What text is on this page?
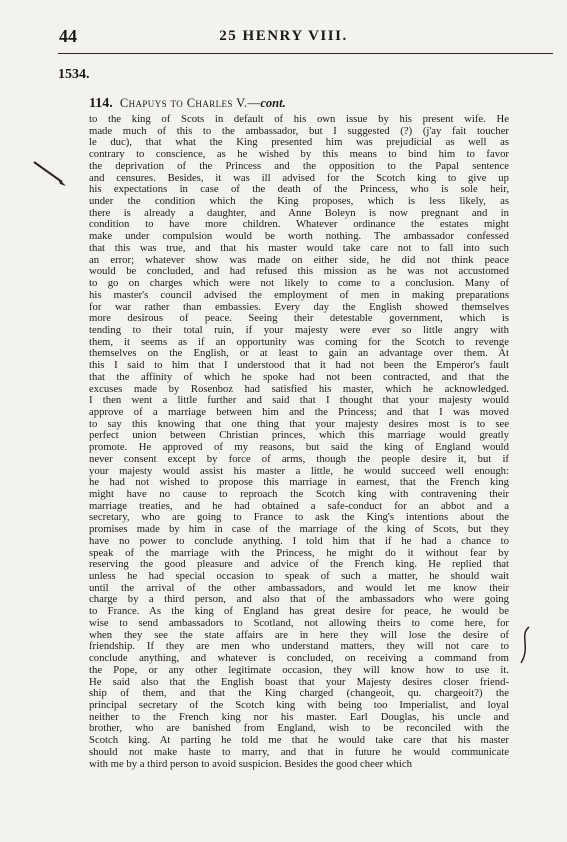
44	25 HENRY VIII.
1534.
114. Chapuys to Charles V.—cont.
to the king of Scots in default of his own issue by his present wife. He
made much of this to the ambassador, but I suggested (?) (j'ay fait toucher
le duc), that what the King presented him was prejudicial as well as
contrary to conscience, as he wished by this means to bind him to favor
the deprivation of the Princess and the opposition to the Papal sentence
and censures. Besides, it was ill advised for the Scotch king to give up
his expectations in case of the death of the Princess, who is sole heir,
under the condition which the King proposes, which is less likely, as
there is already a daughter, and Anne Boleyn is now pregnant and in
condition to have more children. Whatever ordinance the estates might
make under compulsion would be worth nothing. The ambassador confessed
that this was true, and that his master would take care not to fall into such
an error; whatever show was made on either side, he did not think peace
would be concluded, and had refused this mission as he was not accustomed
to go on charges which were not likely to come to a conclusion. Many of
his master's council advised the employment of men in making preparations
for war rather than embassies. Every day the English showed themselves
more desirous of peace. Seeing their detestable government, which is
tending to their total ruin, if your majesty were ever so little angry with
them, it seems as if an opportunity was coming for the Scotch to revenge
themselves on the English, or at least to gain an advantage over them. At
this I said to him that I understood that it had not been the Emperor's fault
that the affinity of which he spoke had not been contracted, and that the
excuses made by Rosenboz had satisfied his master, which he acknowledged.
I then went a little further and said that I thought that your majesty would
approve of a marriage between him and the Princess; and that I was moved
to say this knowing that one thing that your majesty desires most is to see
perfect union between Christian princes, which this marriage would greatly
promote. He approved of my reasons, but said the king of England would
never consent except by force of arms, though the people desire it, but if
your majesty would assist his master a little, he would succeed well enough:
he had not wished to propose this marriage in earnest, that the French king
might have no cause to reproach the Scotch king with contravening their
marriage treaties, and he had obtained a safe-conduct for an abbot and a
secretary, who are going to France to ask the King's intentions about the
promises made by him in case of the marriage of the king of Scots, but they
have no power to conclude anything. I told him that if he had a chance to
speak of the marriage with the Princess, he might do it without fear by
reserving the good pleasure and advice of the French king. He replied that
unless he had special occasion to speak of such a matter, he should wait
until the arrival of the other ambassadors, and would let me know their
charge by a third person, and also that of the ambassadors who were going
to France. As the king of England has great desire for peace, he would be
wise to send ambassadors to Scotland, not allowing theirs to come here, for
when they see the state affairs are in here they will lose the desire of
friendship. If they are men who understand matters, they will not care to
conclude anything, and whatever is concluded, on receiving a command from
the Pope, or any other legitimate occasion, they will know how to use it.
He said also that the English boast that your Majesty desires closer friend-
ship of them, and that the King charged (changeoit, qu. chargeoit?) the
principal secretary of the Scotch king with being too Imperialist, and loyal
neither to the French king nor his master. Earl Douglas, his uncle and
brother, who are banished from England, wish to be reconciled with the
Scotch king. At parting he told me that he would take care that his master
should not make haste to marry, and that in future he would communicate
with me by a third person to avoid suspicion. Besides the good cheer which
